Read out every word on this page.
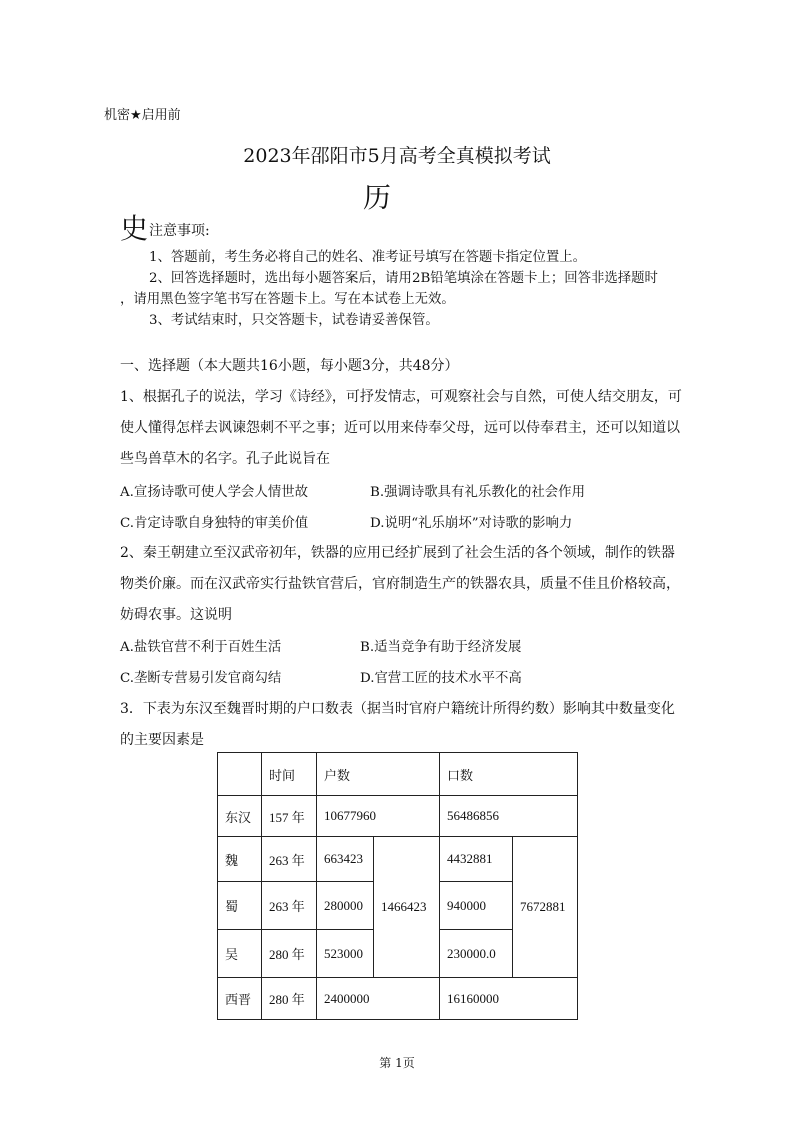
机密★启用前
2023年邵阳市5月高考全真模拟考试
历
史 注意事项:
1、答题前，考生务必将自己的姓名、准考证号填写在答题卡指定位置上。
2、回答选择题时，选出每小题答案后，请用2B铅笔填涂在答题卡上；回答非选择题时
，请用黑色签字笔书写在答题卡上。写在本试卷上无效。
3、考试结束时，只交答题卡，试卷请妥善保管。
一、选择题（本大题共16小题，每小题3分，共48分）
1、根据孔子的说法，学习《诗经》，可抒发情志，可观察社会与自然，可使人结交朋友，可
使人懂得怎样去讽谏怨刺不平之事；近可以用来侍奉父母，远可以侍奉君主，还可以知道以
些鸟兽草木的名字。孔子此说旨在
A.宣扬诗歌可使人学会人情世故	B.强调诗歌具有礼乐教化的社会作用
C.肯定诗歌自身独特的审美价值	D.说明“礼乐崩坏”对诗歌的影响力
2、秦王朝建立至汉武帝初年，铁器的应用已经扩展到了社会生活的各个领域，制作的铁器
物类价廉。而在汉武帝实行盐铁官营后，官府制造生产的铁器农具，质量不佳且价格较高，
妨碍农事。这说明
A.盐铁官营不利于百姓生活	B.适当竞争有助于经济发展
C.垄断专营易引发官商勾结	D.官营工匠的技术水平不高
3．下表为东汉至魏晋时期的户口数表（据当时官府户籍统计所得约数）影响其中数量变化
的主要因素是
	时间	户数		口数	
东汉	157 年	10677960		56486856	
魏	263 年	663423	1466423	4432881	7672881
蜀	263 年	280000		940000	
吴	280 年	523000		230000.0	
西晋	280 年	2400000		16160000	
第 1页
